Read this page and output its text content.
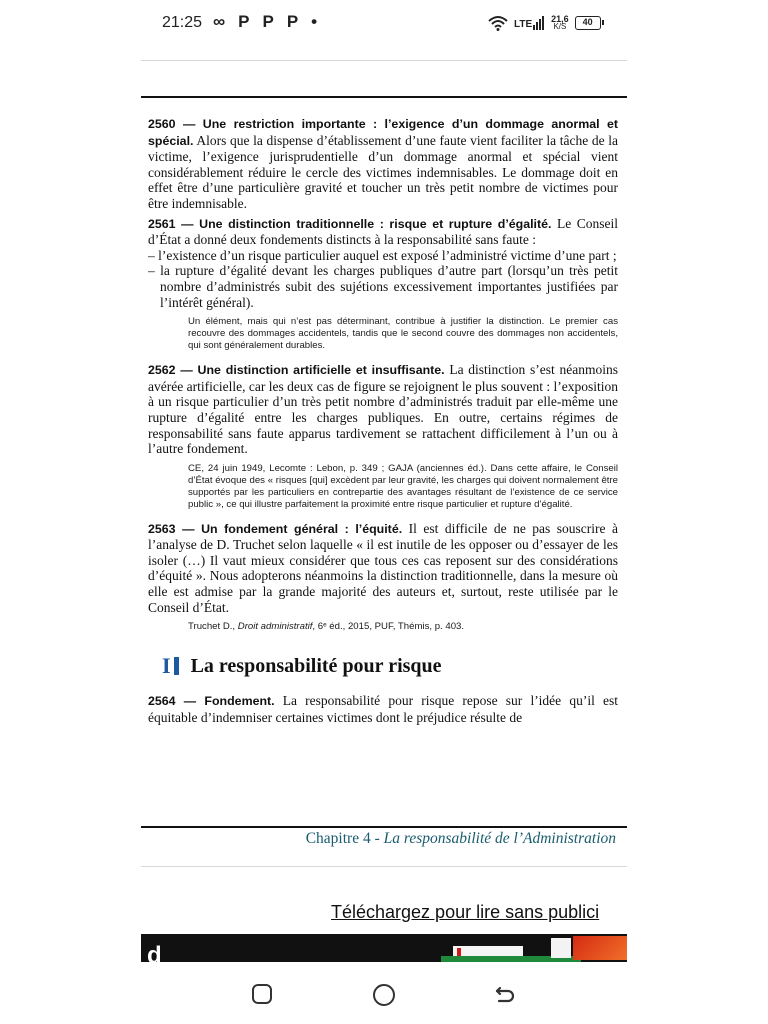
21:25 ∞ P P P •	LTE 21,6
K/S	40

2560 — Une restriction importante : l’exigence d’un dommage anormal et spécial. Alors que la dispense d’établissement d’une faute vient faciliter la tâche de la victime, l’exigence jurisprudentielle d’un dommage anormal et spécial vient considérablement réduire le cercle des victimes indemnisables. Le dommage doit en effet être d’une particulière gravité et toucher un très petit nombre de victimes pour être indemnisable.

2561 — Une distinction traditionnelle : risque et rupture d’égalité. Le Conseil d’État a donné deux fondements distincts à la responsabilité sans faute :

– l’existence d’un risque particulier auquel est exposé l’administré victime d’une part ;
– la rupture d’égalité devant les charges publiques d’autre part (lorsqu’un très petit nombre d’administrés subit des sujétions excessivement importantes justifiées par l’intérêt général).

Un élément, mais qui n’est pas déterminant, contribue à justifier la distinction. Le premier cas recouvre des dommages accidentels, tandis que le second couvre des dommages non accidentels, qui sont généralement durables.

2562 — Une distinction artificielle et insuffisante. La distinction s’est néanmoins avérée artificielle, car les deux cas de figure se rejoignent le plus souvent : l’exposition à un risque particulier d’un très petit nombre d’administrés traduit par elle-même une rupture d’égalité entre les charges publiques. En outre, certains régimes de responsabilité sans faute apparus tardivement se rattachent difficilement à l’un ou à l’autre fondement.

CE, 24 juin 1949, Lecomte : Lebon, p. 349 ; GAJA (anciennes éd.). Dans cette affaire, le Conseil d’État évoque des « risques [qui] excèdent par leur gravité, les charges qui doivent normalement être supportés par les particuliers en contrepartie des avantages résultant de l’existence de ce service public », ce qui illustre parfaitement la proximité entre risque particulier et rupture d’égalité.

2563 — Un fondement général : l’équité. Il est difficile de ne pas souscrire à l’analyse de D. Truchet selon laquelle « il est inutile de les opposer ou d’essayer de les isoler (…) Il vaut mieux considérer que tous ces cas reposent sur des considérations d’équité ». Nous adopterons néanmoins la distinction traditionnelle, dans la mesure où elle est admise par la grande majorité des auteurs et, surtout, reste utilisée par le Conseil d’État.

Truchet D., Droit administratif, 6ᵉ éd., 2015, PUF, Thémis, p. 403.

I La responsabilité pour risque

2564 — Fondement. La responsabilité pour risque repose sur l’idée qu’il est équitable d’indemniser certaines victimes dont le préjudice résulte de

Chapitre 4 - La responsabilité de l’Administration
Téléchargez pour lire sans publici
d
